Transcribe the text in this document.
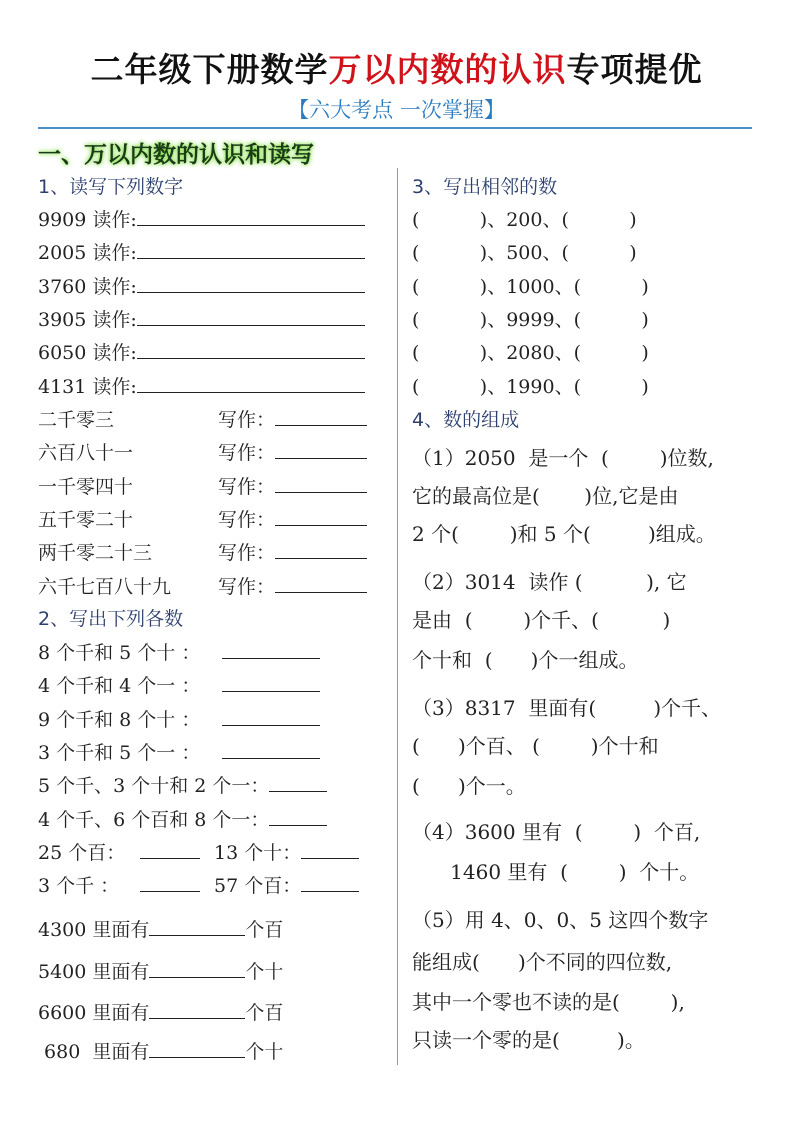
二年级下册数学万以内数的认识专项提优
【六大考点 一次掌握】
一、万以内数的认识和读写
1、读写下列数字
9909 读作:
2005 读作:
3760 读作:
3905 读作:
6050 读作:
4131 读作:
二千零三	写作：
六百八十一	写作：
一千零四十	写作：
五千零二十	写作：
两千零二十三	写作：
六千七百八十九 写作：
2、写出下列各数
8 个千和 5 个十 ：
4 个千和 4 个一 ：
9 个千和 8 个十 ：
3 个千和 5 个一 ：
5 个千、3 个十和 2 个一：
4 个千、6 个百和 8 个一：
25 个百：	13 个十：
3 个千 ：	57 个百：
4300 里面有	个百
5400 里面有	个十
6600 里面有	个百
680  里面有	个十
3、写出相邻的数
(          )、200、(          )
(          )、500、(          )
(          )、1000、(          )
(          )、9999、(          )
(          )、2080、(          )
(          )、1990、(          )
4、数的组成
（1）2050  是一个  (        )位数,
它的最高位是(       )位,它是由
2 个(        )和 5 个(         )组成。
（2）3014  读作 (          ), 它
是由  (        )个千、(          )
个十和  (      )个一组成。
（3）8317  里面有(         )个千、
(      )个百、 (        )个十和
(      )个一。
（4）3600 里有  (        )  个百,
1460 里有  (        )  个十。
（5）用 4、0、0、5 这四个数字
能组成(      )个不同的四位数,
其中一个零也不读的是(        ),
只读一个零的是(         )。
